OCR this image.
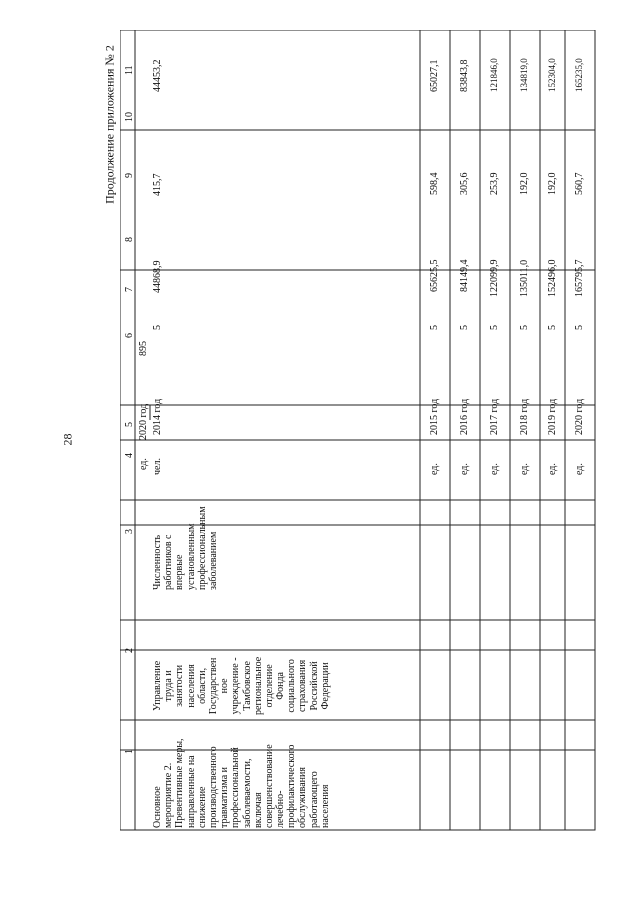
28
Продолжение приложения № 2
1
2
3
4
5
6
7
8
9
10
11
ед.
2020 год
895
Основное
мероприятие 2.
Превентивные меры,
направленные на
снижение
производственного
травматизма и
профессиональной
заболеваемости,
включая
совершенствование
лечебно-
профилактического
обслуживания
работающего
населения
Управление
труда и
занятости
населения
области,
Государствен
ное
учреждение -
Тамбовское
региональное
отделение
Фонда
социального
страхования
Российской
Федерации
Численность
работников с
впервые
установленным
профессиональным
заболеванием
чел.
2014 год
5
44868,9
415,7
44453,2
ед.
2015 год
5
65625,5
598,4
65027,1
ед.
2016 год
5
84149,4
305,6
83843,8
ед.
2017 год
5
122099,9
253,9
121846,0
ед.
2018 год
5
135011,0
192,0
134819,0
ед.
2019 год
5
152496,0
192,0
152304,0
ед.
2020 год
5
165795,7
560,7
165235,0
